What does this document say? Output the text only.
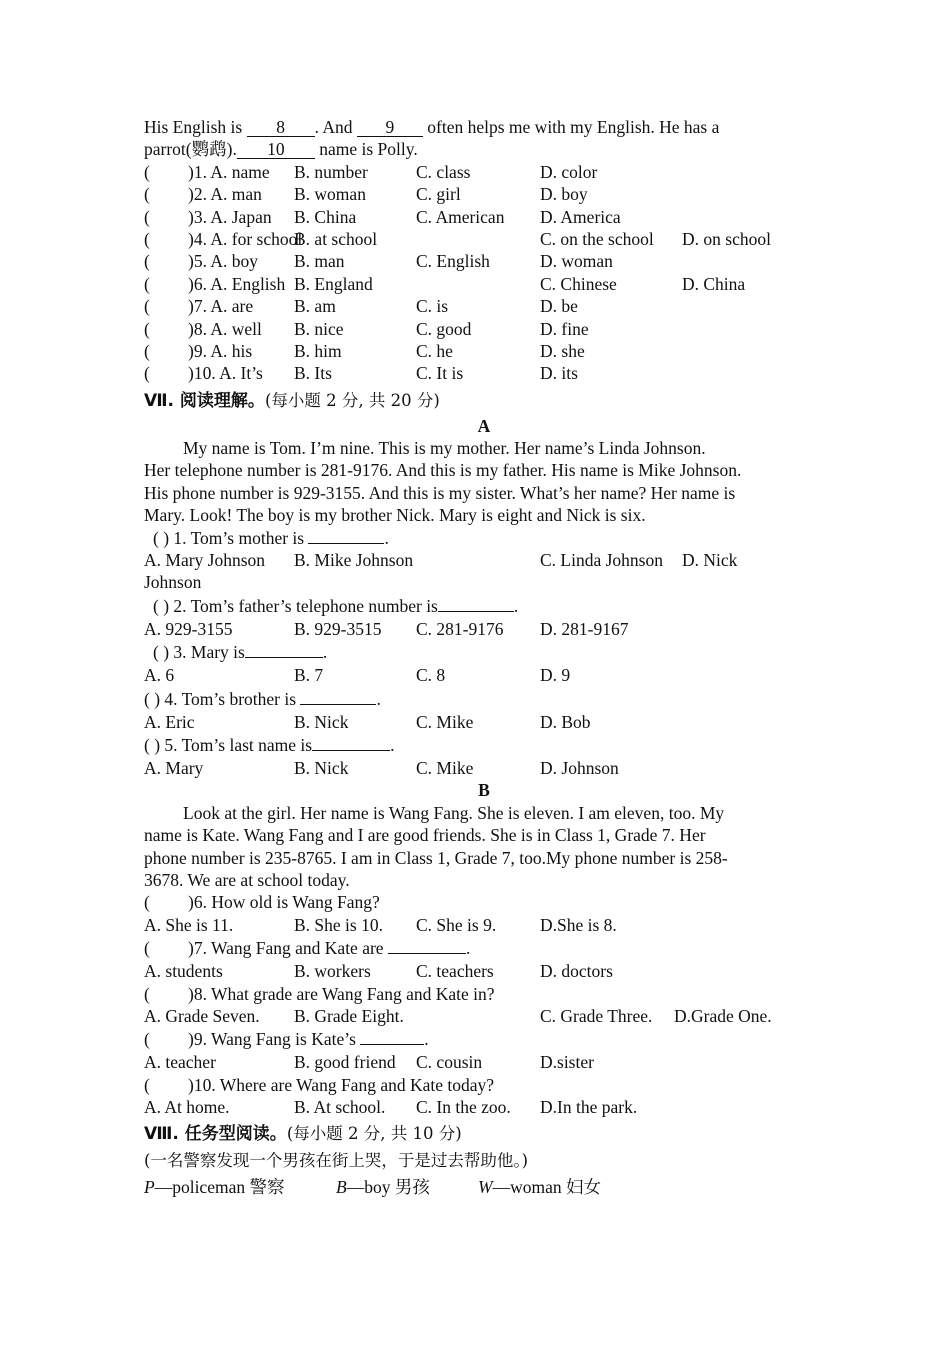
His English is 8 . And 9 often helps me with my English. He has a
parrot(鹦鹉). 10 name is Polly.
( )1. A. name B. number	C. class	D. color
( )2. A. man B. woman	C. girl	D. boy
( )3. A. Japan B. China	C. American D. America
( )4. A. for school
B. at school	C. on the school D. on school
( )5. A. boy B. man	C. English	D. woman
( )6. A. English B. England	C. Chinese	D. China
( )7. A. are B. am	C. is	D. be
( )8. A. well B. nice	C. good	D. fine
( )9. A. his B. him	C. he	D. she
( )10. A. It’s B. Its	C. It is	D. its
Ⅶ. 阅读理解。(每小题 2 分, 共 20 分)
A
My name is Tom. I’m nine. This is my mother. Her name’s Linda Johnson.
Her telephone number is 281-9176. And this is my father. His name is Mike Johnson.
His phone number is 929-3155. And this is my sister. What’s her name? Her name is
Mary. Look! The boy is my brother Nick. Mary is eight and Nick is six.
( ) 1. Tom’s mother is	.
A. Mary Johnson B. Mike Johnson	C. Linda Johnson D. Nick
Johnson
( ) 2. Tom’s father’s telephone number is	.
A. 929-3155	B. 929-3515 C. 281-9176 D. 281-9167
( ) 3. Mary is	.
A. 6	B. 7	C. 8	D. 9
( ) 4. Tom’s brother is	.
A. Eric	B. Nick	C. Mike	D. Bob
( ) 5. Tom’s last name is	.
A. Mary	B. Nick	C. Mike	D. Johnson
B
Look at the girl. Her name is Wang Fang. She is eleven. I am eleven, too. My
name is Kate. Wang Fang and I are good friends. She is in Class 1, Grade 7. Her
phone number is 235-8765. I am in Class 1, Grade 7, too.My phone number is 258-
3678. We are at school today.
( )6. How old is Wang Fang?
A. She is 11.	B. She is 10. C. She is 9.	D.She is 8.
( )7. Wang Fang and Kate are	.
A. students	B. workers	C. teachers	D. doctors
( )8. What grade are Wang Fang and Kate in?
A. Grade Seven. B. Grade Eight.	C. Grade Three. D.Grade One.
( )9. Wang Fang is Kate’s	.
A. teacher	B. good friend C. cousin	D.sister
( )10. Where are Wang Fang and Kate today?
A. At home.	B. At school. C. In the zoo. D.In the park.
Ⅷ. 任务型阅读。(每小题 2 分, 共 10 分)
(一名警察发现一个男孩在街上哭，于是过去帮助他。)
P—policeman 警察	B—boy 男孩	W—woman 妇女
